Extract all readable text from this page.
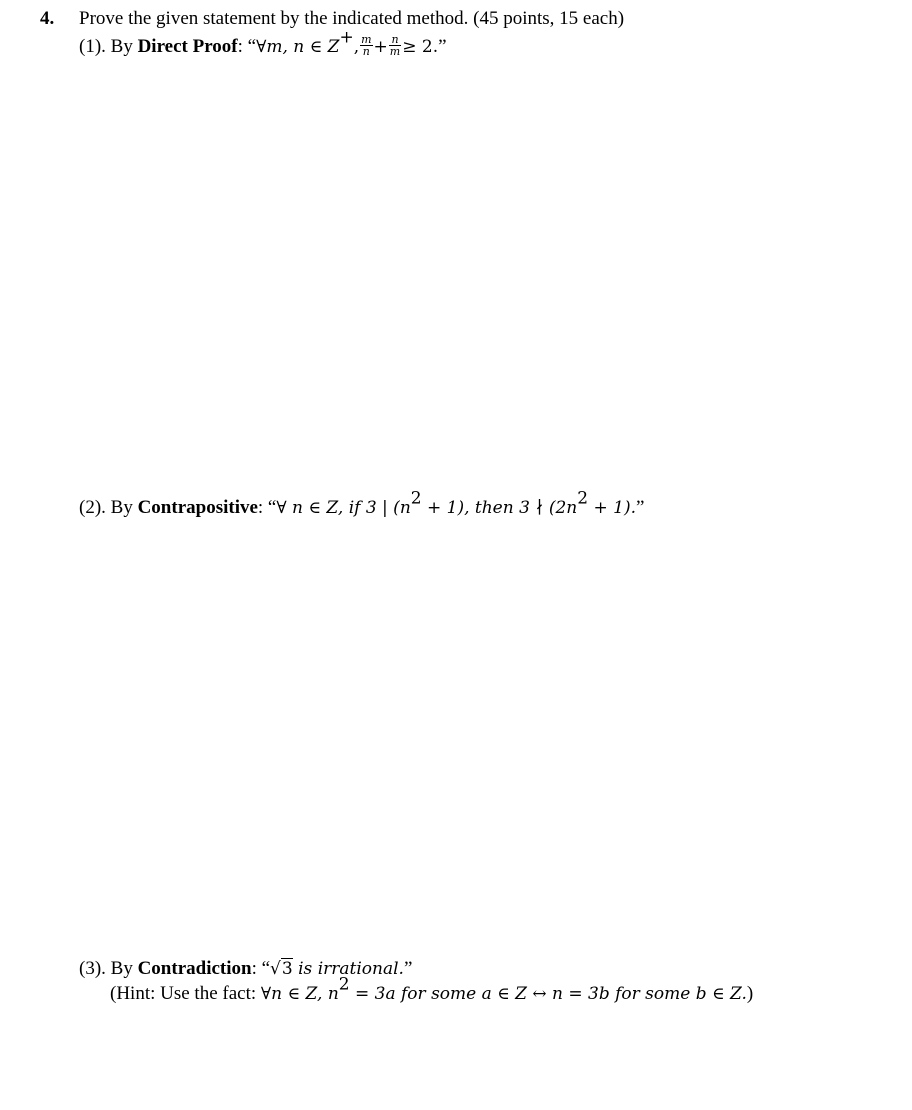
4. Prove the given statement by the indicated method. (45 points, 15 each)
(1). By Direct Proof: “∀m, n ∈ Z+, $\frac{m}{n} + \frac{n}{m} \ge 2$.”
(2). By Contrapositive: “∀ n ∈ Z, if 3 | $(n^2 + 1)$, then 3 ∤ $(2n^2 + 1)$.”
(3). By Contradiction: “√3 is irrational.”
(Hint: Use the fact: ∀n ∈ Z, $n^2 = 3a$ for some a ∈ Z ↔ n = 3b for some b ∈ Z.)
